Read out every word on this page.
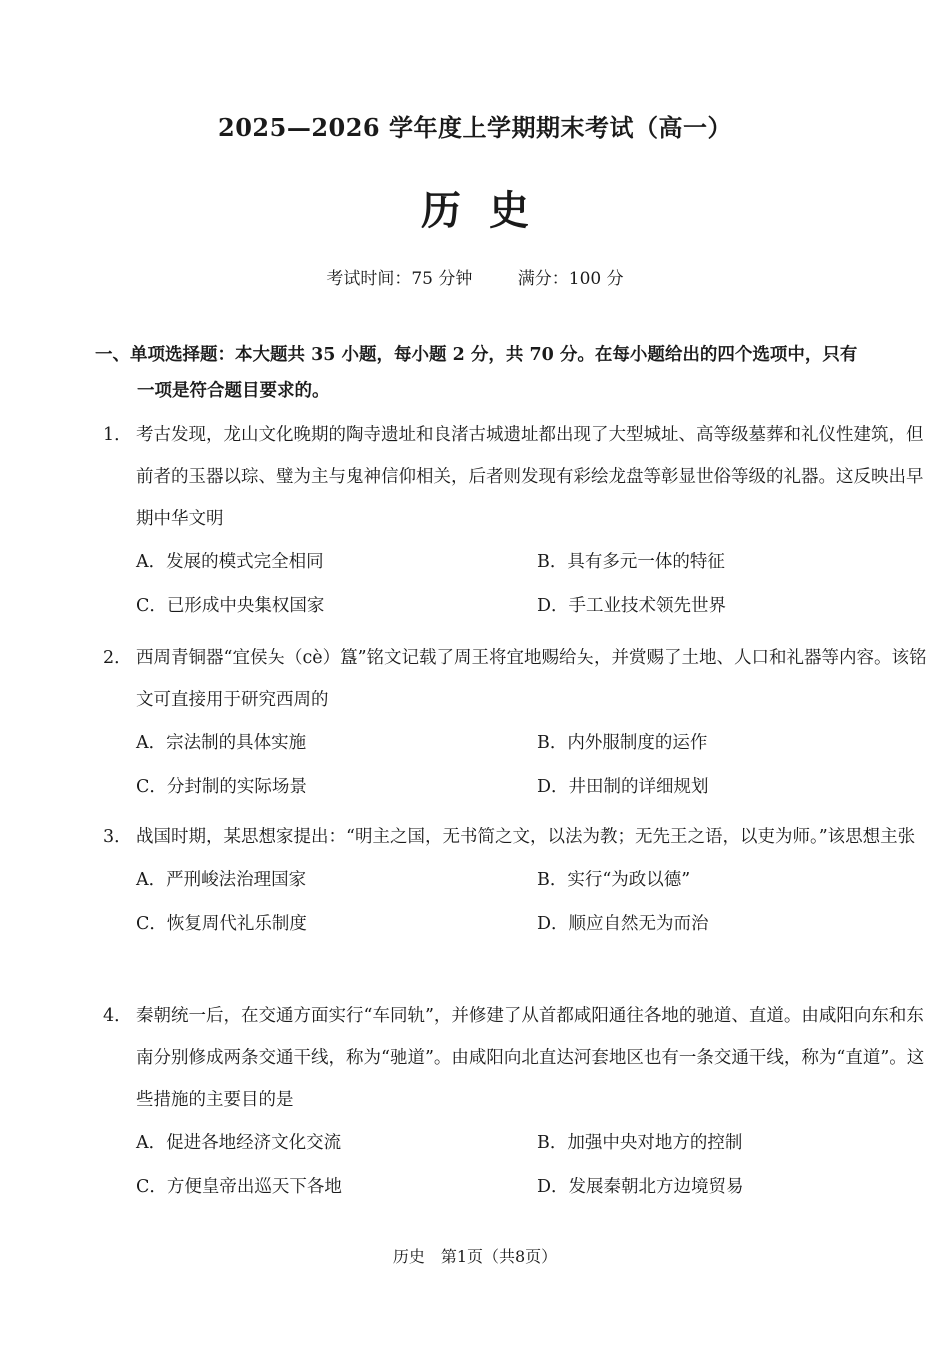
2025—2026 学年度上学期期末考试（高一）
历史
考试时间：75 分钟	满分：100 分
一、单项选择题：本大题共 35 小题，每小题 2 分，共 70 分。在每小题给出的四个选项中，只有
一项是符合题目要求的。
1． 考古发现，龙山文化晚期的陶寺遗址和良渚古城遗址都出现了大型城址、高等级墓葬和礼仪性建筑，但前者的玉器以琮、璧为主与鬼神信仰相关，后者则发现有彩绘龙盘等彰显世俗等级的礼器。这反映出早期中华文明
A．发展的模式完全相同	B．具有多元一体的特征
C．已形成中央集权国家	D．手工业技术领先世界
2． 西周青铜器“宜侯夨（cè）簋”铭文记载了周王将宜地赐给夨，并赏赐了土地、人口和礼器等内容。该铭文可直接用于研究西周的
A．宗法制的具体实施	B．内外服制度的运作
C．分封制的实际场景	D．井田制的详细规划
3． 战国时期，某思想家提出：“明主之国，无书简之文，以法为教；无先王之语，以吏为师。”该思想主张
A．严刑峻法治理国家	B．实行“为政以德”
C．恢复周代礼乐制度	D．顺应自然无为而治
4． 秦朝统一后，在交通方面实行“车同轨”，并修建了从首都咸阳通往各地的驰道、直道。由咸阳向东和东南分别修成两条交通干线，称为“驰道”。由咸阳向北直达河套地区也有一条交通干线，称为“直道”。这些措施的主要目的是
A．促进各地经济文化交流	B．加强中央对地方的控制
C．方便皇帝出巡天下各地	D．发展秦朝北方边境贸易
历史　第1页（共8页）
